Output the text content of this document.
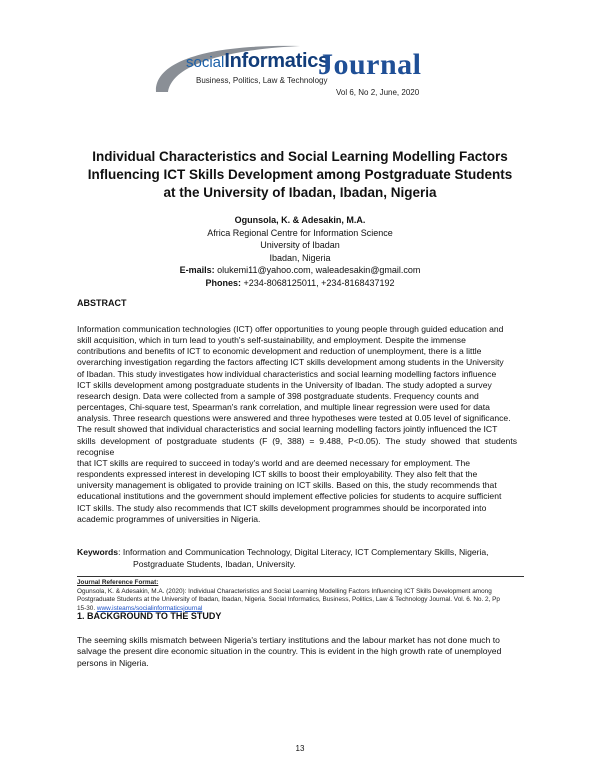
socialInformatics
Business, Politics, Law & Technology
Journal
Vol 6, No 2, June, 2020
Individual Characteristics and Social Learning Modelling Factors
Influencing ICT Skills Development among Postgraduate Students
at the University of Ibadan, Ibadan, Nigeria
Ogunsola, K. & Adesakin, M.A.
Africa Regional Centre for Information Science
University of Ibadan
Ibadan, Nigeria
E-mails: olukemi11@yahoo.com, waleadesakin@gmail.com
Phones: +234-8068125011, +234-8168437192
ABSTRACT
Information communication technologies (ICT) offer opportunities to young people through guided education and
skill acquisition, which in turn lead to youth's self-sustainability, and employment. Despite the immense
contributions and benefits of ICT to economic development and reduction of unemployment, there is a little
overarching investigation regarding the factors affecting ICT skills development among students in the University
of Ibadan. This study investigates how individual characteristics and social learning modelling factors influence
ICT skills development among postgraduate students in the University of Ibadan. The study adopted a survey
research design. Data were collected from a sample of 398 postgraduate students. Frequency counts and
percentages, Chi-square test, Spearman's rank correlation, and multiple linear regression were used for data
analysis. Three research questions were answered and three hypotheses were tested at 0.05 level of significance.
The result showed that individual characteristics and social learning modelling factors jointly influenced the ICT
skills development of postgraduate students (F (9, 388) = 9.488, P<0.05). The study showed that students recognise
that ICT skills are required to succeed in today's world and are deemed necessary for employment. The
respondents expressed interest in developing ICT skills to boost their employability. They also felt that the
university management is obligated to provide training on ICT skills. Based on this, the study recommends that
educational institutions and the government should implement effective policies for students to acquire sufficient
ICT skills. The study also recommends that ICT skills development programmes should be incorporated into
academic programmes of universities in Nigeria.
Keywords: Information and Communication Technology, Digital Literacy, ICT Complementary Skills, Nigeria,
Postgraduate Students, Ibadan, University.
Journal Reference Format:
Ogunsola, K. & Adesakin, M.A. (2020): Individual Characteristics and Social Learning Modelling Factors Influencing ICT Skills Development among
Postgraduate Students at the University of Ibadan, Ibadan, Nigeria. Social Informatics, Business, Politics, Law & Technology Journal. Vol. 6. No. 2, Pp
15-30. www.isteams/socialinformaticsjournal
1. BACKGROUND TO THE STUDY
The seeming skills mismatch between Nigeria's tertiary institutions and the labour market has not done much to
salvage the present dire economic situation in the country. This is evident in the high growth rate of unemployed
persons in Nigeria.
13
